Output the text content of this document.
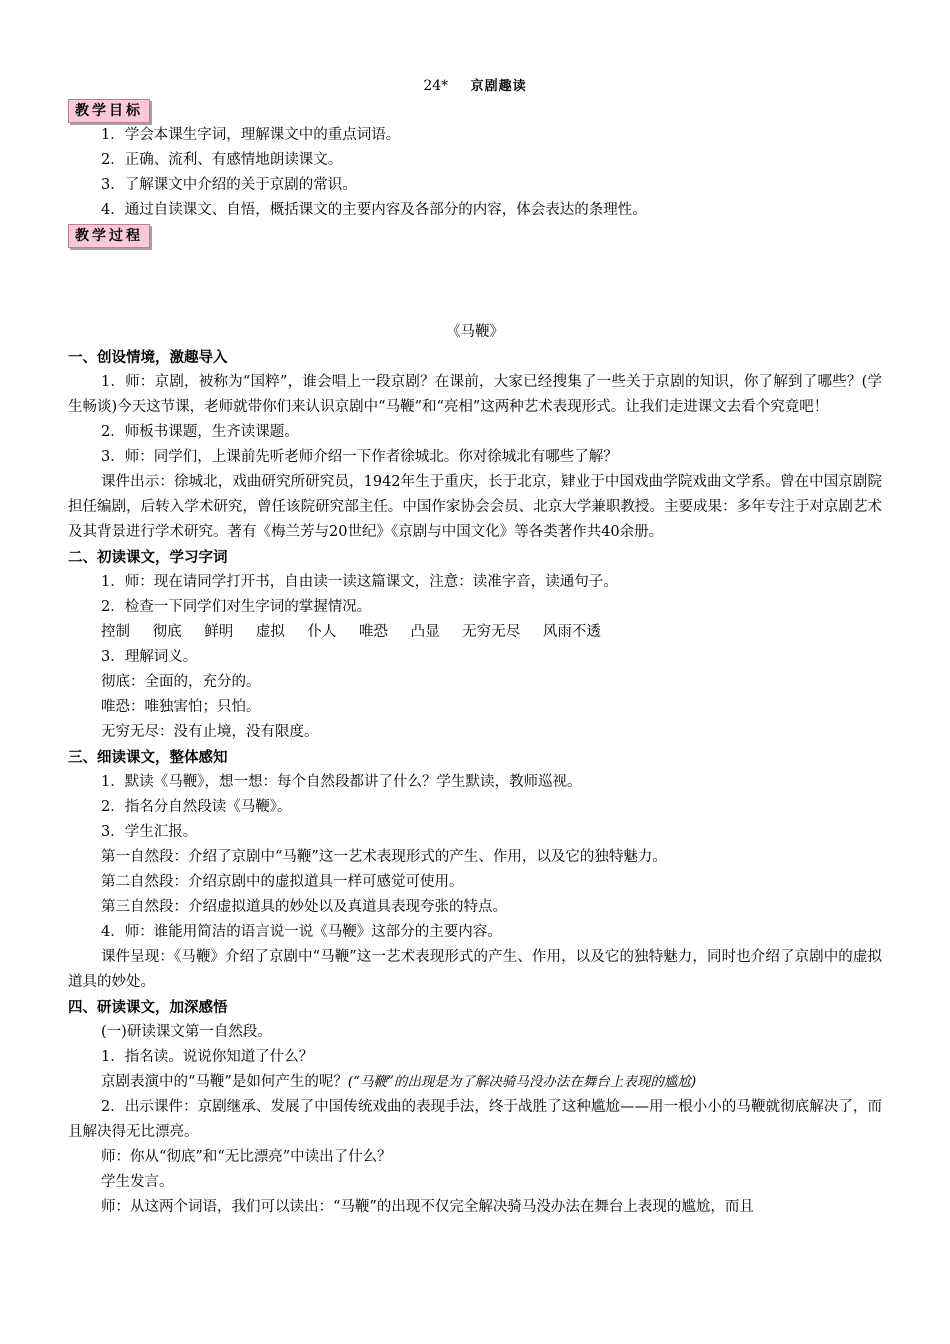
24* 京剧趣读
教学目标
1．学会本课生字词，理解课文中的重点词语。
2．正确、流利、有感情地朗读课文。
3．了解课文中介绍的关于京剧的常识。
4．通过自读课文、自悟，概括课文的主要内容及各部分的内容，体会表达的条理性。
教学过程
《马鞭》
一、创设情境，激趣导入
1．师：京剧，被称为“国粹”，谁会唱上一段京剧？在课前，大家已经搜集了一些关于京剧的知识，你了解到了哪些？(学生畅谈)今天这节课，老师就带你们来认识京剧中“马鞭”和“亮相”这两种艺术表现形式。让我们走进课文去看个究竟吧！
2．师板书课题，生齐读课题。
3．师：同学们，上课前先听老师介绍一下作者徐城北。你对徐城北有哪些了解？
课件出示：徐城北，戏曲研究所研究员，1942年生于重庆，长于北京，肄业于中国戏曲学院戏曲文学系。曾在中国京剧院担任编剧，后转入学术研究，曾任该院研究部主任。中国作家协会会员、北京大学兼职教授。主要成果：多年专注于对京剧艺术及其背景进行学术研究。著有《梅兰芳与20世纪》《京剧与中国文化》等各类著作共40余册。
二、初读课文，学习字词
1．师：现在请同学打开书，自由读一读这篇课文，注意：读准字音，读通句子。
2．检查一下同学们对生字词的掌握情况。
控制 彻底 鲜明 虚拟 仆人 唯恐 凸显 无穷无尽 风雨不透
3．理解词义。
彻底：全面的，充分的。
唯恐：唯独害怕；只怕。
无穷无尽：没有止境，没有限度。
三、细读课文，整体感知
1．默读《马鞭》，想一想：每个自然段都讲了什么？学生默读，教师巡视。
2．指名分自然段读《马鞭》。
3．学生汇报。
第一自然段：介绍了京剧中“马鞭”这一艺术表现形式的产生、作用，以及它的独特魅力。
第二自然段：介绍京剧中的虚拟道具一样可感觉可使用。
第三自然段：介绍虚拟道具的妙处以及真道具表现夸张的特点。
4．师：谁能用简洁的语言说一说《马鞭》这部分的主要内容。
课件呈现：《马鞭》介绍了京剧中“马鞭”这一艺术表现形式的产生、作用，以及它的独特魅力，同时也介绍了京剧中的虚拟道具的妙处。
四、研读课文，加深感悟
(一)研读课文第一自然段。
1．指名读。说说你知道了什么？
京剧表演中的“马鞭”是如何产生的呢？(“马鞭”的出现是为了解决骑马没办法在舞台上表现的尴尬)
2．出示课件：京剧继承、发展了中国传统戏曲的表现手法，终于战胜了这种尴尬——用一根小小的马鞭就彻底解决了，而且解决得无比漂亮。
师：你从“彻底”和“无比漂亮”中读出了什么？
学生发言。
师：从这两个词语，我们可以读出：“马鞭”的出现不仅完全解决骑马没办法在舞台上表现的尴尬，而且
